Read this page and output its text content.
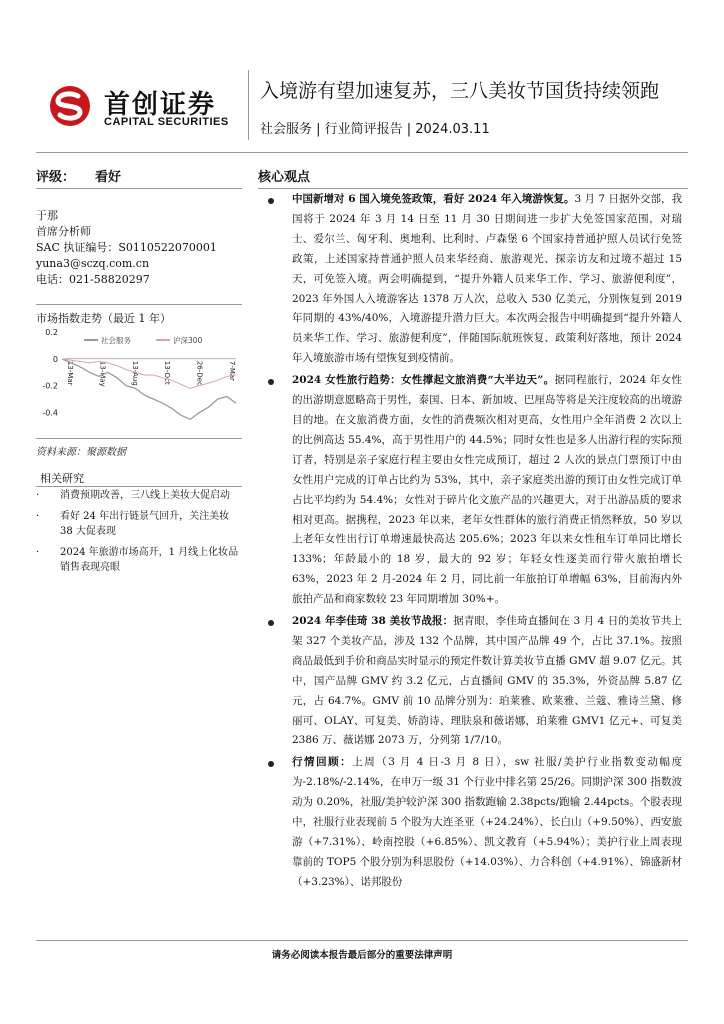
首创证券
CAPITAL SECURITIES
入境游有望加速复苏，三八美妆节国货持续领跑
社会服务 | 行业简评报告 | 2024.03.11
评级： 看好
于那
首席分析师
SAC 执证编号：S0110522070001
yuna3@sczq.com.cn
电话：021-58820297
市场指数走势（最近 1 年）
0.2
0
-0.2
-0.4
13-Mar	13-May	13-Aug	13-Oct	26-Dec	7-Mar
社会服务	沪深300
资料来源：聚源数据
相关研究
· 消费预期改善，三八线上美妆大促启动
· 看好 24 年出行链景气回升，关注美妆 38 大促表现
· 2024 年旅游市场高开，1 月线上化妆品销售表现亮眼
核心观点
中国新增对 6 国入境免签政策，看好 2024 年入境游恢复。3 月 7 日据外交部，我国将于 2024 年 3 月 14 日至 11 月 30 日期间进一步扩大免签国家范围，对瑞士、爱尔兰、匈牙利、奥地利、比利时、卢森堡 6 个国家持普通护照人员试行免签政策，上述国家持普通护照人员来华经商、旅游观光、探亲访友和过境不超过 15 天，可免签入境。两会明确提到，“提升外籍人员来华工作、学习、旅游便利度”，2023 年外国人入境游客达 1378 万人次，总收入 530 亿美元，分别恢复到 2019 年同期的 43%/40%，入境游提升潜力巨大。本次两会报告中明确提到“提升外籍人员来华工作、学习、旅游便利度”，伴随国际航班恢复、政策利好落地，预计 2024 年入境旅游市场有望恢复到疫情前。
2024 女性旅行趋势：女性撑起文旅消费“大半边天”。据同程旅行，2024 年女性的出游期意愿略高于男性，泰国、日本、新加坡、巴厘岛等将是关注度较高的出境游目的地。在文旅消费方面，女性的消费频次相对更高，女性用户全年消费 2 次以上的比例高达 55.4%，高于男性用户的 44.5%；同时女性也是多人出游行程的实际预订者，特别是亲子家庭行程主要由女性完成预订，超过 2 人次的景点门票预订中由女性用户完成的订单占比约为 53%，其中，亲子家庭类出游的预订由女性完成订单占比平均约为 54.4%；女性对于碎片化文旅产品的兴趣更大，对于出游品质的要求相对更高。据携程，2023 年以来，老年女性群体的旅行消费正悄然释放，50 岁以上老年女性出行订单增速最快高达 205.6%；2023 年以来女性租车订单同比增长 133%；年龄最小的 18 岁，最大的 92 岁；年轻女性逐美而行带火旅拍增长 63%，2023 年 2 月-2024 年 2 月，同比前一年旅拍订单增幅 63%，目前海内外旅拍产品和商家数较 23 年同期增加 30%+。
2024 年李佳琦 38 美妆节战报：据青眼，李佳琦直播间在 3 月 4 日的美妆节共上架 327 个美妆产品，涉及 132 个品牌，其中国产品牌 49 个，占比 37.1%。按照商品最低到手价和商品实时显示的预定件数计算美妆节直播 GMV 超 9.07 亿元。其中，国产品牌 GMV 约 3.2 亿元，占直播间 GMV 的 35.3%，外资品牌 5.87 亿元，占 64.7%。GMV 前 10 品牌分别为：珀莱雅、欧莱雅、兰蔻、雅诗兰黛、修丽可、OLAY、可复美、娇韵诗、理肤泉和薇诺娜，珀莱雅 GMV1 亿元+、可复美 2386 万、薇诺娜 2073 万，分列第 1/7/10。
行情回顾：上周（3 月 4 日-3 月 8 日），sw 社服/美护行业指数变动幅度为-2.18%/-2.14%，在申万一级 31 个行业中排名第 25/26。同期沪深 300 指数波动为 0.20%，社服/美护较沪深 300 指数跑输 2.38pcts/跑输 2.44pcts。个股表现中，社服行业表现前 5 个股为大连圣亚（+24.24%）、长白山（+9.50%）、西安旅游（+7.31%）、岭南控股（+6.85%）、凯文教育（+5.94%）；美护行业上周表现靠前的 TOP5 个股分别为科思股份（+14.03%）、力合科创（+4.91%）、锦盛新材（+3.23%）、诺邦股份
请务必阅读本报告最后部分的重要法律声明
